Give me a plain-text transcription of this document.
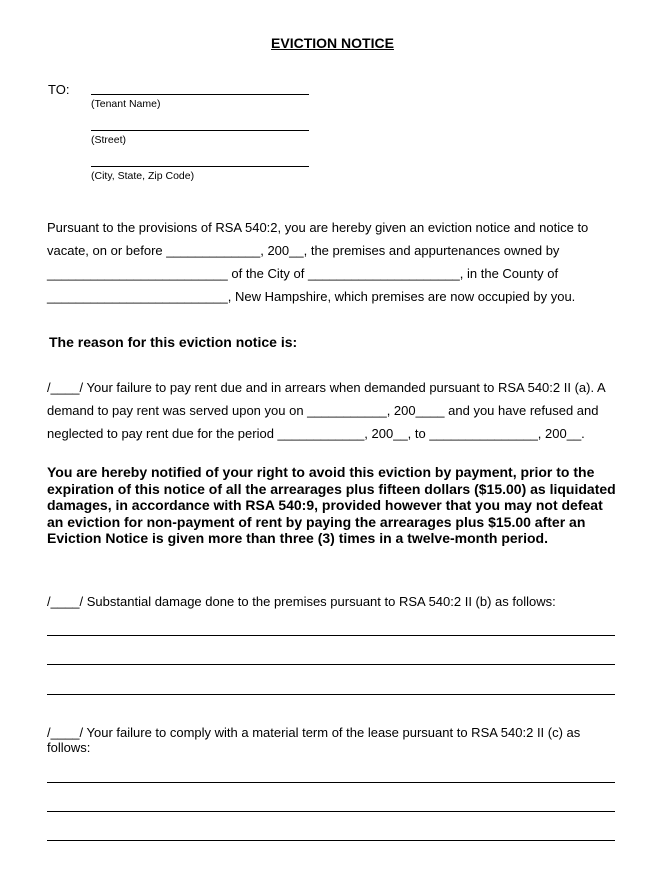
EVICTION NOTICE
TO:
(Tenant Name)
(Street)
(City, State, Zip Code)
Pursuant to the provisions of RSA 540:2, you are hereby given an eviction notice and notice to
vacate, on or before _____________, 200__, the premises and appurtenances owned by
_________________________ of the City of _____________________, in the County of
_________________________, New Hampshire, which premises are now occupied by you.
The reason for this eviction notice is:
/____/ Your failure to pay rent due and in arrears when demanded pursuant to RSA 540:2 II (a). A
demand to pay rent was served upon you on ___________, 200____ and you have refused and
neglected to pay rent due for the period ____________, 200__, to _______________, 200__.
You are hereby notified of your right to avoid this eviction by payment, prior to the expiration of this notice of all the arrearages plus fifteen dollars ($15.00) as liquidated damages, in accordance with RSA 540:9, provided however that you may not defeat an eviction for non-payment of rent by paying the arrearages plus $15.00 after an Eviction Notice is given more than three (3) times in a twelve-month period.
/____/ Substantial damage done to the premises pursuant to RSA 540:2 II (b) as follows:
/____/ Your failure to comply with a material term of the lease pursuant to RSA 540:2 II (c) as
follows:
